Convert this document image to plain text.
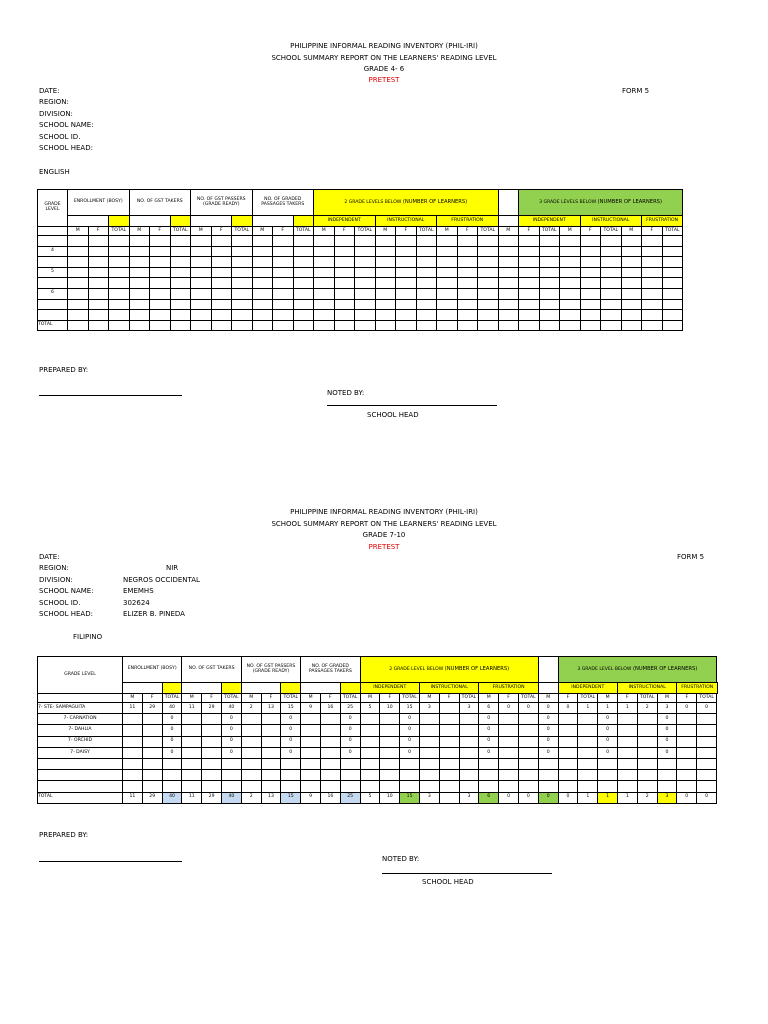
PHILIPPINE INFORMAL READING INVENTORY (PHIL-IRI)
SCHOOL SUMMARY REPORT ON THE LEARNERS' READING LEVEL
GRADE 4- 6
PRETEST
FORM 5
DATE:
REGION:
DIVISION:
SCHOOL NAME:
SCHOOL ID.
SCHOOL HEAD:
ENGLISH
GRADE LEVEL	ENROLLMENT (BOSY)			NO. OF GST TAKERS			NO. OF GST PASSERS (GRADE READY)			NO. OF GRADED PASSAGES TAKERS			2 GRADE LEVELS BELOW (NUMBER OF LEARNERS)										3 GRADE LEVELS BELOW (NUMBER OF LEARNERS)							
													INDEPENDENT			INSTRUCTIONAL			FRUSTRATION				INDEPENDENT			INSTRUCTIONAL			FRUSTRATION	
	M	F	TOTAL	M	F	TOTAL	M	F	TOTAL	M	F	TOTAL	M	F	TOTAL	M	F	TOTAL	M	F	TOTAL	M	F	TOTAL	M	F	TOTAL	M	F	TOTAL

4																														

5																														

6																														

TOTAL																														
PREPARED BY:
NOTED BY:
SCHOOL HEAD
PHILIPPINE INFORMAL READING INVENTORY (PHIL-IRI)
SCHOOL SUMMARY REPORT ON THE LEARNERS' READING LEVEL
GRADE 7-10
PRETEST
FORM 5
DATE:
REGION:	NIR
DIVISION:	NEGROS OCCIDENTAL
SCHOOL NAME:	EMEMHS
SCHOOL ID.	302624
SCHOOL HEAD:	ELIZER B. PINEDA
FILIPINO
GRADE LEVEL	ENROLLMENT (BOSY)			NO. OF GST TAKERS			NO. OF GST PASSERS (GRADE READY)			NO. OF GRADED PASSAGES TAKERS			2 GRADE LEVEL BELOW (NUMBER OF LEARNERS)										3 GRADE LEVEL BELOW (NUMBER OF LEARNERS)							
													INDEPENDENT			INSTRUCTIONAL			FRUSTRATION				INDEPENDENT			INSTRUCTIONAL			FRUSTRATION	
	M	F	TOTAL	M	F	TOTAL	M	F	TOTAL	M	F	TOTAL	M	F	TOTAL	M	F	TOTAL	M	F	TOTAL	M	F	TOTAL	M	F	TOTAL	M	F	TOTAL
7- STE- SAMPAGUITA	11	29	40	11	29	40	2	13	15	9	16	25	5	10	15	3		3	6	0	0	0	0	1	1	1	2	3	0	0
7- CARNATION			0			0			0			0			0				0			0			0			0		
7- DAHLIA			0			0			0			0			0				0			0			0			0		
7- ORCHID			0			0			0			0			0				0			0			0			0		
7- DAISY			0			0			0			0			0				0			0			0			0		

TOTAL	11	29	40	11	29	40	2	13	15	9	16	25	5	10	15	3		3	6	0	0	0	0	1	1	1	2	3	0	0
PREPARED BY:
NOTED BY:
SCHOOL HEAD
